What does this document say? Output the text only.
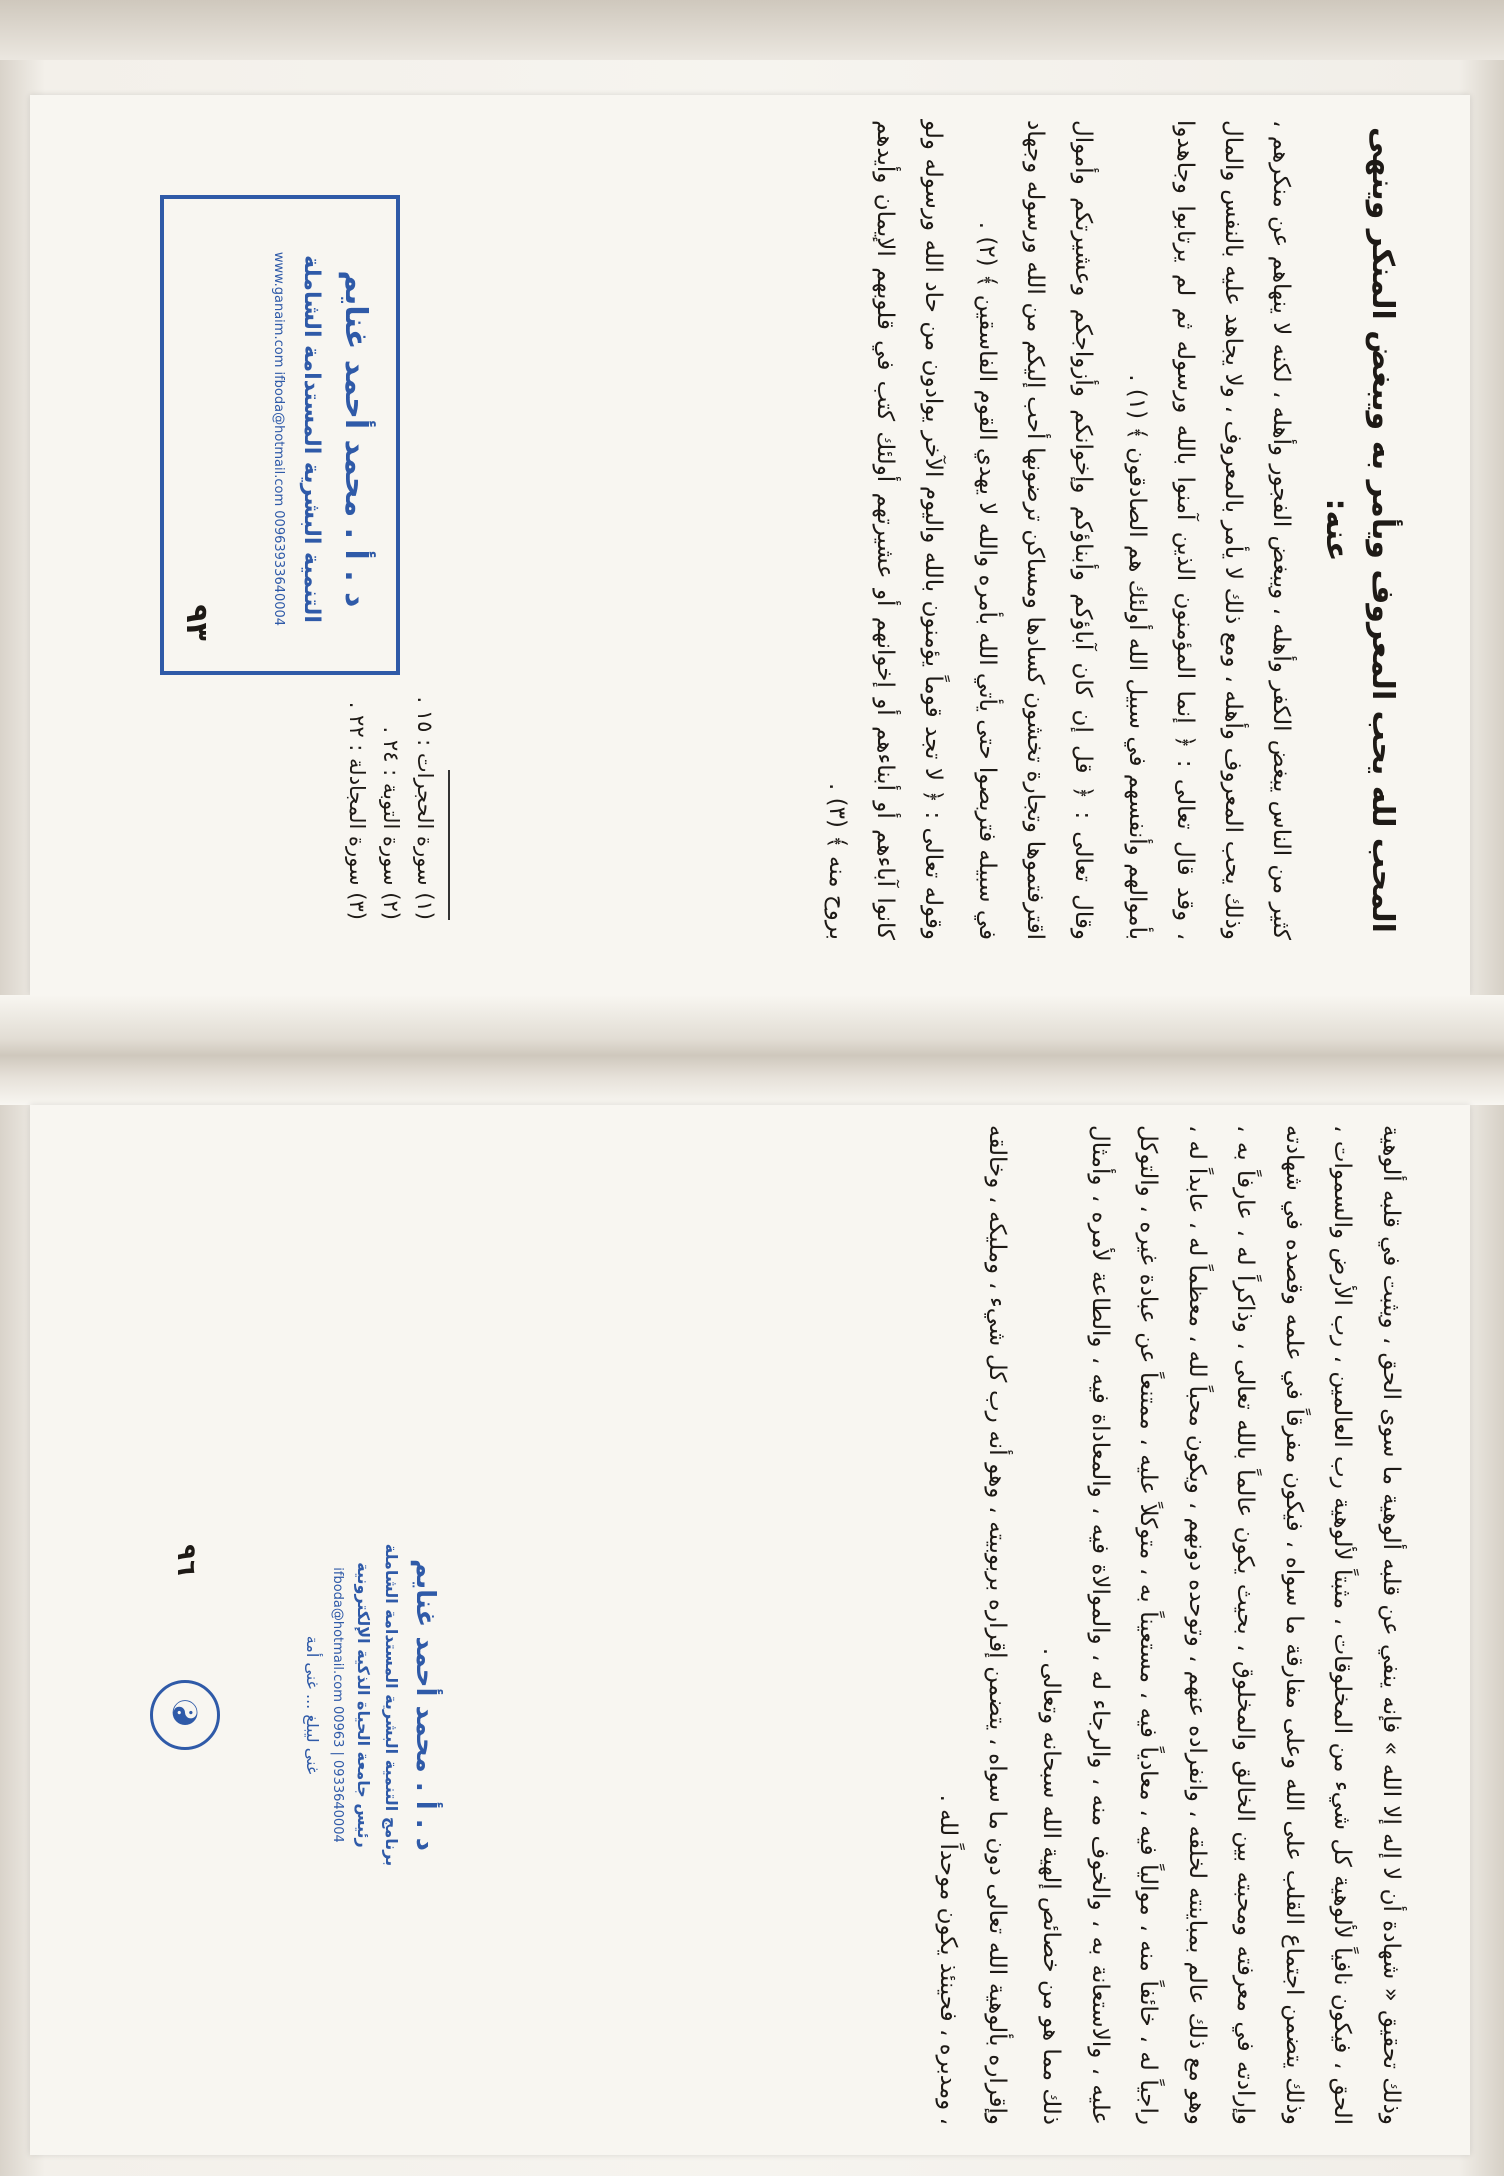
المحب لله يحب المعروف ويأمر به ويبغض المنكر وينهى عنه:

كثير من الناس يبغض الكفر وأهله ، ويبغض الفجور وأهله ، لكنه لا ينهاهم عن منكرهم ، وذلك يحب المعروف وأهله ، ومع ذلك لا يأمر بالمعروف ، ولا يجاهد عليه بالنفس والمال ، وقد قال تعالى : ﴿ إنما المؤمنون الذين آمنوا بالله ورسوله ثم لم يرتابوا وجاهدوا بأموالهم وأنفسهم في سبيل الله أولئك هم الصادقون ﴾ (١) .

وقال تعالى : ﴿ قل إن كان آباؤكم وأبناؤكم وإخوانكم وأزواجكم وعشيرتكم وأموال اقترفتموها وتجارة تخشون كسادها ومساكن ترضونها أحب إليكم من الله ورسوله وجهاد في سبيله فتربصوا حتى يأتي الله بأمره والله لا يهدي القوم الفاسقين ﴾ (٢) .

وقوله تعالى : ﴿ لا تجد قوماً يؤمنون بالله واليوم الآخر يوادون من حاد الله ورسوله ولو كانوا آباءهم أو أبناءهم أو إخوانهم أو عشيرتهم أولئك كتب في قلوبهم الإيمان وأيدهم بروح منه ﴾ (٣) .

(١) سورة الحجرات : ١٥ .
(٢) سورة التوبة : ٢٤ .
(٣) سورة المجادلة : ٢٢ .
٩٣
د . أ . محمد أحمد غنايم
التنمية البشرية المستدامة الشاملة
www.ganaim.com ifboda@hotmail.com 00963933640004

وذلك تحقيق « شهادة أن لا إله إلا الله » فإنه ينفي عن قلبه ألوهية ما سوى الحق ، ويثبت في قلبه ألوهية الحق ، فيكون نافياً لألوهية كل شيء من المخلوقات ، مثبتاً لألوهية رب العالمين ، رب الأرض والسموات ، وذلك يتضمن اجتماع القلب على الله وعلى مفارقة ما سواه ، فيكون مفرقاً في علمه وقصده في شهادته وإرادته في معرفته ومحبته بين الخالق والمخلوق ، بحيث يكون عالماً بالله تعالى ، وذاكراً له ، عارفاً به ، وهو مع ذلك عالم بمباينته لخلقه ، وانفراده عنهم ، وتوحده دونهم ، ويكون محباً لله ، معظماً له ، عابداً له ، راجياً له ، خائفاً منه ، موالياً فيه ، معادياً فيه ، مستعيناً به ، متوكلاً عليه ، ممتنعاً عن عبادة غيره ، والتوكل عليه ، والاستعانة به ، والخوف منه ، والرجاء له ، والموالاة فيه ، والمعاداة فيه ، والطاعة لأمره ، وأمثال ذلك مما هو من خصائص إلهية الله سبحانه وتعالى .

وإقراره بألوهية الله تعالى دون ما سواه ، يتضمن إقراره بربوبيته ، وهو أنه رب كل شيء ، ومليكه ، وخالقه ، ومدبره ، فحينئذ يكون موحداً لله .

٩٦	د . أ . محمد أحمد غنايم
برنامج التنمية البشرية المستدامة الشاملة
رئيس جامعة الحياة الذكية الإلكترونية
ifboda@hotmail.com 00963 | 0933640004
غنى ليبلغ ... غنى أمة
☯
